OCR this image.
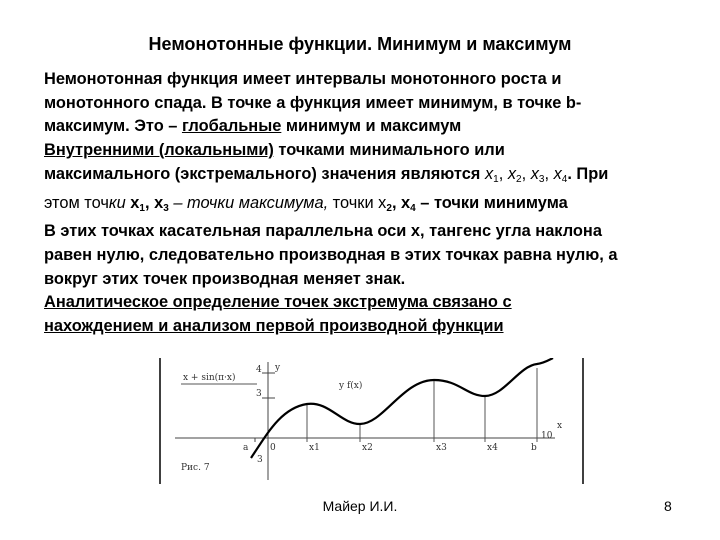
Немонотонные функции. Минимум и максимум
Немонотонная функция имеет интервалы монотонного роста и
монотонного спада. В точке a функция имеет минимум, в точке b-
максимум. Это – глобальные минимум и максимум
Внутренними (локальными) точками минимального или
максимального (экстремального) значения являются $x_1$, $x_2$, $x_3$, $x_4$. При
этом точки $х_1$, $х_3$ – точки максимума, точки $х_2$, $х_4$ – точки минимума
В этих точках касательная параллельна оси x, тангенс угла наклона
равен нулю, следовательно производная в этих точках равна нулю, а
вокруг этих точек производная меняет знак.
Аналитическое определение точек экстремума связано с
нахождением и анализом первой производной функции
x + sin(π·x)
y f(x)
y
x
4
3
0
3
a	x1	x2	x3	x4	b
10
Рис. 7
Майер И.И.	8
